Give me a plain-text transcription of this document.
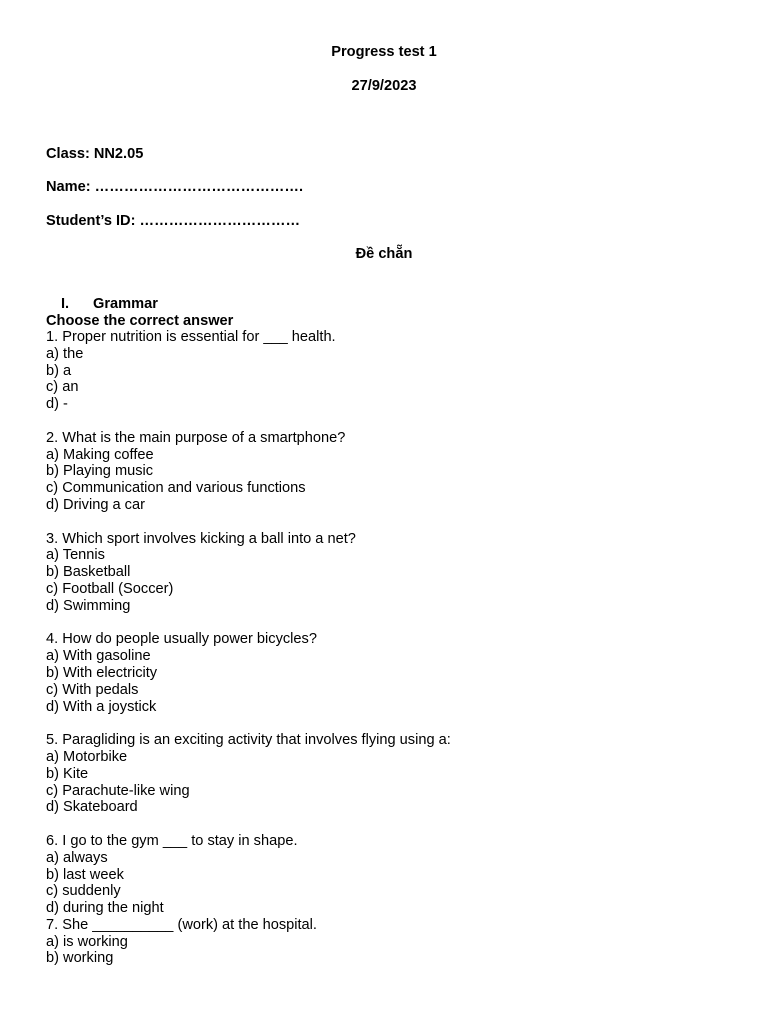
Progress test 1
27/9/2023
Class: NN2.05
Name: …………………………………….
Student’s ID: ……………………………
Đề chẵn
I. Grammar
Choose the correct answer
1. Proper nutrition is essential for ___ health.
a) the
b) a
c) an
d) -
2. What is the main purpose of a smartphone?
a) Making coffee
b) Playing music
c) Communication and various functions
d) Driving a car
3. Which sport involves kicking a ball into a net?
a) Tennis
b) Basketball
c) Football (Soccer)
d) Swimming
4. How do people usually power bicycles?
a) With gasoline
b) With electricity
c) With pedals
d) With a joystick
5. Paragliding is an exciting activity that involves flying using a:
a) Motorbike
b) Kite
c) Parachute-like wing
d) Skateboard
6. I go to the gym ___ to stay in shape.
a) always
b) last week
c) suddenly
d) during the night
7. She __________ (work) at the hospital.
a) is working
b) working
